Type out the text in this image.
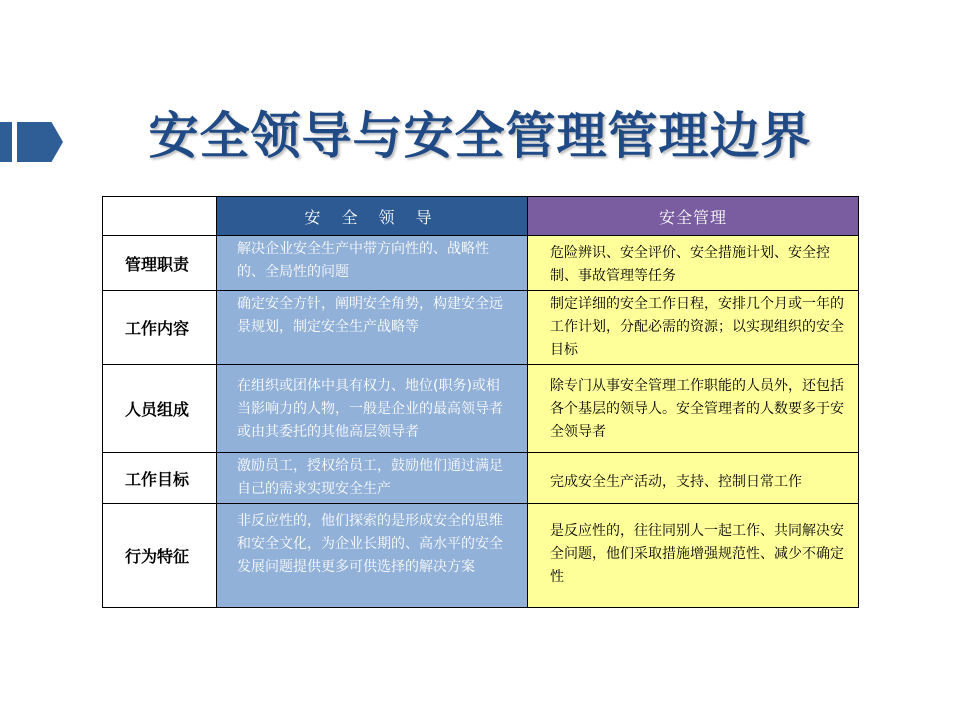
安全领导与安全管理管理边界
	安 全 领 导	安全管理
管理职责	解决企业安全生产中带方向性的、战略性的、全局性的问题	危险辨识、安全评价、安全措施计划、安全控制、事故管理等任务

工作内容	确定安全方针，阐明安全角势，构建安全远景规划，制定安全生产战略等	制定详细的安全工作日程，安排几个月或一年的工作计划，分配必需的资源；以实现组织的安全目标

人员组成	在组织或团体中具有权力、地位(职务)或相当影响力的人物，一般是企业的最高领导者或由其委托的其他高层领导者	除专门从事安全管理工作职能的人员外，还包括各个基层的领导人。安全管理者的人数要多于安全领导者

工作目标	激励员工，授权给员工，鼓励他们通过满足自己的需求实现安全生产	完成安全生产活动，支持、控制日常工作

行为特征	非反应性的，他们探索的是形成安全的思维和安全文化，为企业长期的、高水平的安全发展问题提供更多可供选择的解决方案	是反应性的，往往同别人一起工作、共同解决安全问题，他们采取措施增强规范性、减少不确定性
